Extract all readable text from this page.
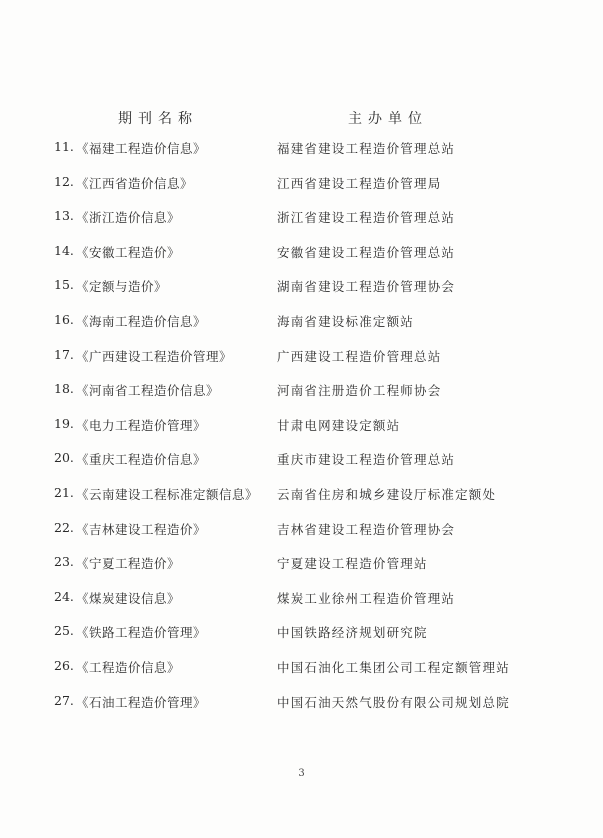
期刊名称	主办单位
11. 《福建工程造价信息》	福建省建设工程造价管理总站
12. 《江西省造价信息》	江西省建设工程造价管理局
13. 《浙江造价信息》	浙江省建设工程造价管理总站
14. 《安徽工程造价》	安徽省建设工程造价管理总站
15. 《定额与造价》	湖南省建设工程造价管理协会
16. 《海南工程造价信息》	海南省建设标准定额站
17. 《广西建设工程造价管理》	广西建设工程造价管理总站
18. 《河南省工程造价信息》	河南省注册造价工程师协会
19. 《电力工程造价管理》	甘肃电网建设定额站
20. 《重庆工程造价信息》	重庆市建设工程造价管理总站
21. 《云南建设工程标准定额信息》 云南省住房和城乡建设厅标准定额处
22. 《吉林建设工程造价》	吉林省建设工程造价管理协会
23. 《宁夏工程造价》	宁夏建设工程造价管理站
24. 《煤炭建设信息》	煤炭工业徐州工程造价管理站
25. 《铁路工程造价管理》	中国铁路经济规划研究院
26. 《工程造价信息》	中国石油化工集团公司工程定额管理站
27. 《石油工程造价管理》	中国石油天然气股份有限公司规划总院
3
